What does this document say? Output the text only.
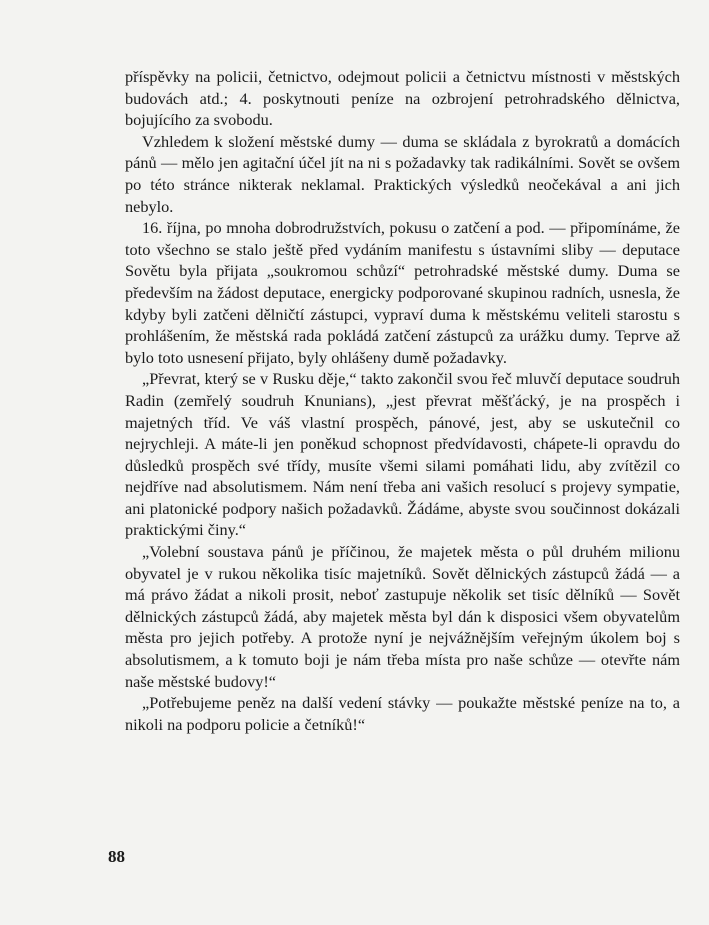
příspěvky na policii, četnictvo, odejmout policii a četnictvu místnosti v městských budovách atd.; 4. poskytnouti peníze na ozbrojení petrohradského dělnictva, bojujícího za svobodu.

Vzhledem k složení městské dumy — duma se skládala z byrokratů a domácích pánů — mělo jen agitační účel jít na ni s požadavky tak radikálními. Sovět se ovšem po této stránce nikterak neklamal. Praktických výsledků neočekával a ani jich nebylo.

16. října, po mnoha dobrodružstvích, pokusu o zatčení a pod. — připomínáme, že toto všechno se stalo ještě před vydáním manifestu s ústavními sliby — deputace Sovětu byla přijata „soukromou schůzí“ petrohradské městské dumy. Duma se především na žádost deputace, energicky podporované skupinou radních, usnesla, že kdyby byli zatčeni dělničtí zástupci, vypraví duma k městskému veliteli starostu s prohlášením, že městská rada pokládá zatčení zástupců za urážku dumy. Teprve až bylo toto usnesení přijato, byly ohlášeny dumě požadavky.

„Převrat, který se v Rusku děje,“ takto zakončil svou řeč mluvčí deputace soudruh Radin (zemřelý soudruh Knunians), „jest převrat měšťácký, je na prospěch i majetných tříd. Ve váš vlastní prospěch, pánové, jest, aby se uskutečnil co nejrychleji. A máte-li jen poněkud schopnost předvídavosti, chápete-li opravdu do důsledků prospěch své třídy, musíte všemi silami pomáhati lidu, aby zvítězil co nejdříve nad absolutismem. Nám není třeba ani vašich resolucí s projevy sympatie, ani platonické podpory našich požadavků. Žádáme, abyste svou součinnost dokázali praktickými činy.“

„Volební soustava pánů je příčinou, že majetek města o půl druhém milionu obyvatel je v rukou několika tisíc majetníků. Sovět dělnických zástupců žádá — a má právo žádat a nikoli prosit, neboť zastupuje několik set tisíc dělníků — Sovět dělnických zástupců žádá, aby majetek města byl dán k disposici všem obyvatelům města pro jejich potřeby. A protože nyní je nejvážnějším veřejným úkolem boj s absolutismem, a k tomuto boji je nám třeba místa pro naše schůze — otevřte nám naše městské budovy!“

„Potřebujeme peněz na další vedení stávky — poukažte městské peníze na to, a nikoli na podporu policie a četníků!“

88
